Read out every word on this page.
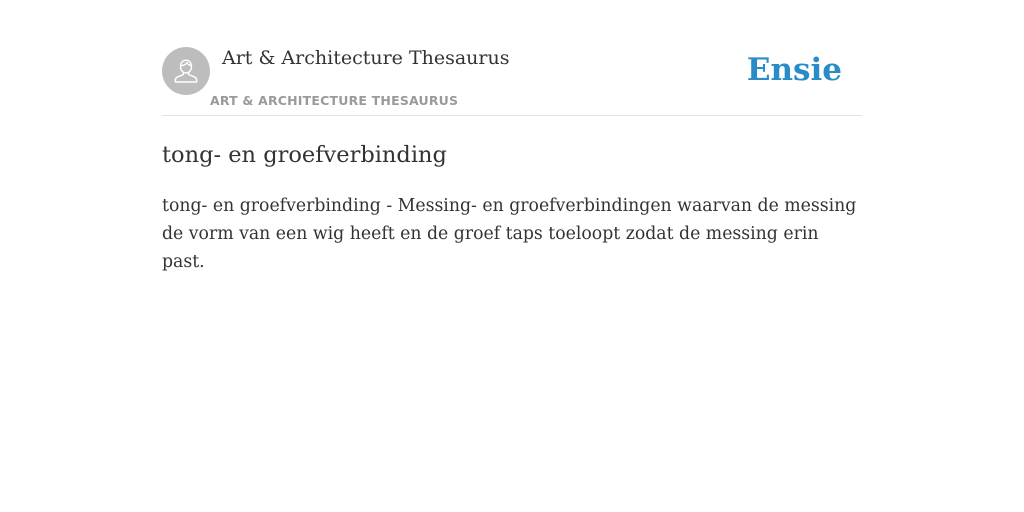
Art & Architecture Thesaurus
ART & ARCHITECTURE THESAURUS
Ensie
tong- en groefverbinding

tong- en groefverbinding - Messing- en groefverbindingen waarvan de messing de vorm van een wig heeft en de groef taps toeloopt zodat de messing erin past.
